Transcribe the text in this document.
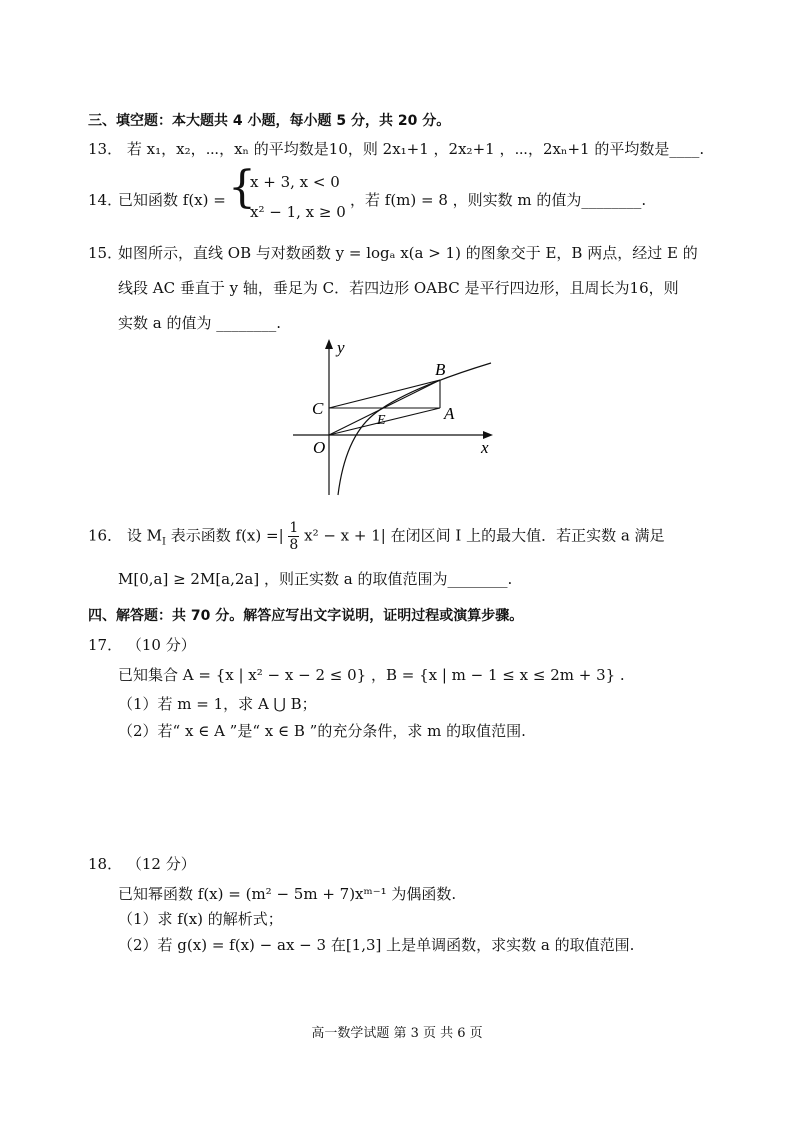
三、填空题：本大题共 4 小题，每小题 5 分，共 20 分。
13． 若 x₁，x₂，⋯，xₙ 的平均数是10，则 2x₁+1 ，2x₂+1 ，⋯，2xₙ+1 的平均数是____.
14．
已知函数 f(x) = {
x + 3, x < 0
x² − 1, x ≥ 0
，若 f(m) = 8 ，则实数 m 的值为________.
15．
如图所示，直线 OB 与对数函数 y = logₐ x(a > 1) 的图象交于 E，B 两点，经过 E 的
线段 AC 垂直于 y 轴，垂足为 C．若四边形 OABC 是平行四边形，且周长为16，则
实数 a 的值为 ________.
y
x
O
C
E	A
B
16． 设 $M_I$ 表示函数 f(x) =| $\frac{1}{8} x^2 - x + 1|$ 在闭区间 I 上的最大值．若正实数 a 满足
M[0,a] ≥ 2M[a,2a] ，则正实数 a 的取值范围为________.
四、解答题：共 70 分。解答应写出文字说明，证明过程或演算步骤。
17． （10 分）
已知集合 A = {x | x² − x − 2 ≤ 0} ，B = {x | m − 1 ≤ x ≤ 2m + 3} .
（1）若 m = 1，求 A ⋃ B；
（2）若“ x ∈ A ”是“ x ∈ B ”的充分条件，求 m 的取值范围.
18． （12 分）
已知幂函数 f(x) = (m² − 5m + 7)xᵐ⁻¹ 为偶函数.
（1）求 f(x) 的解析式；
（2）若 g(x) = f(x) − ax − 3 在[1,3] 上是单调函数，求实数 a 的取值范围.
高一数学试题 第 3 页 共 6 页
